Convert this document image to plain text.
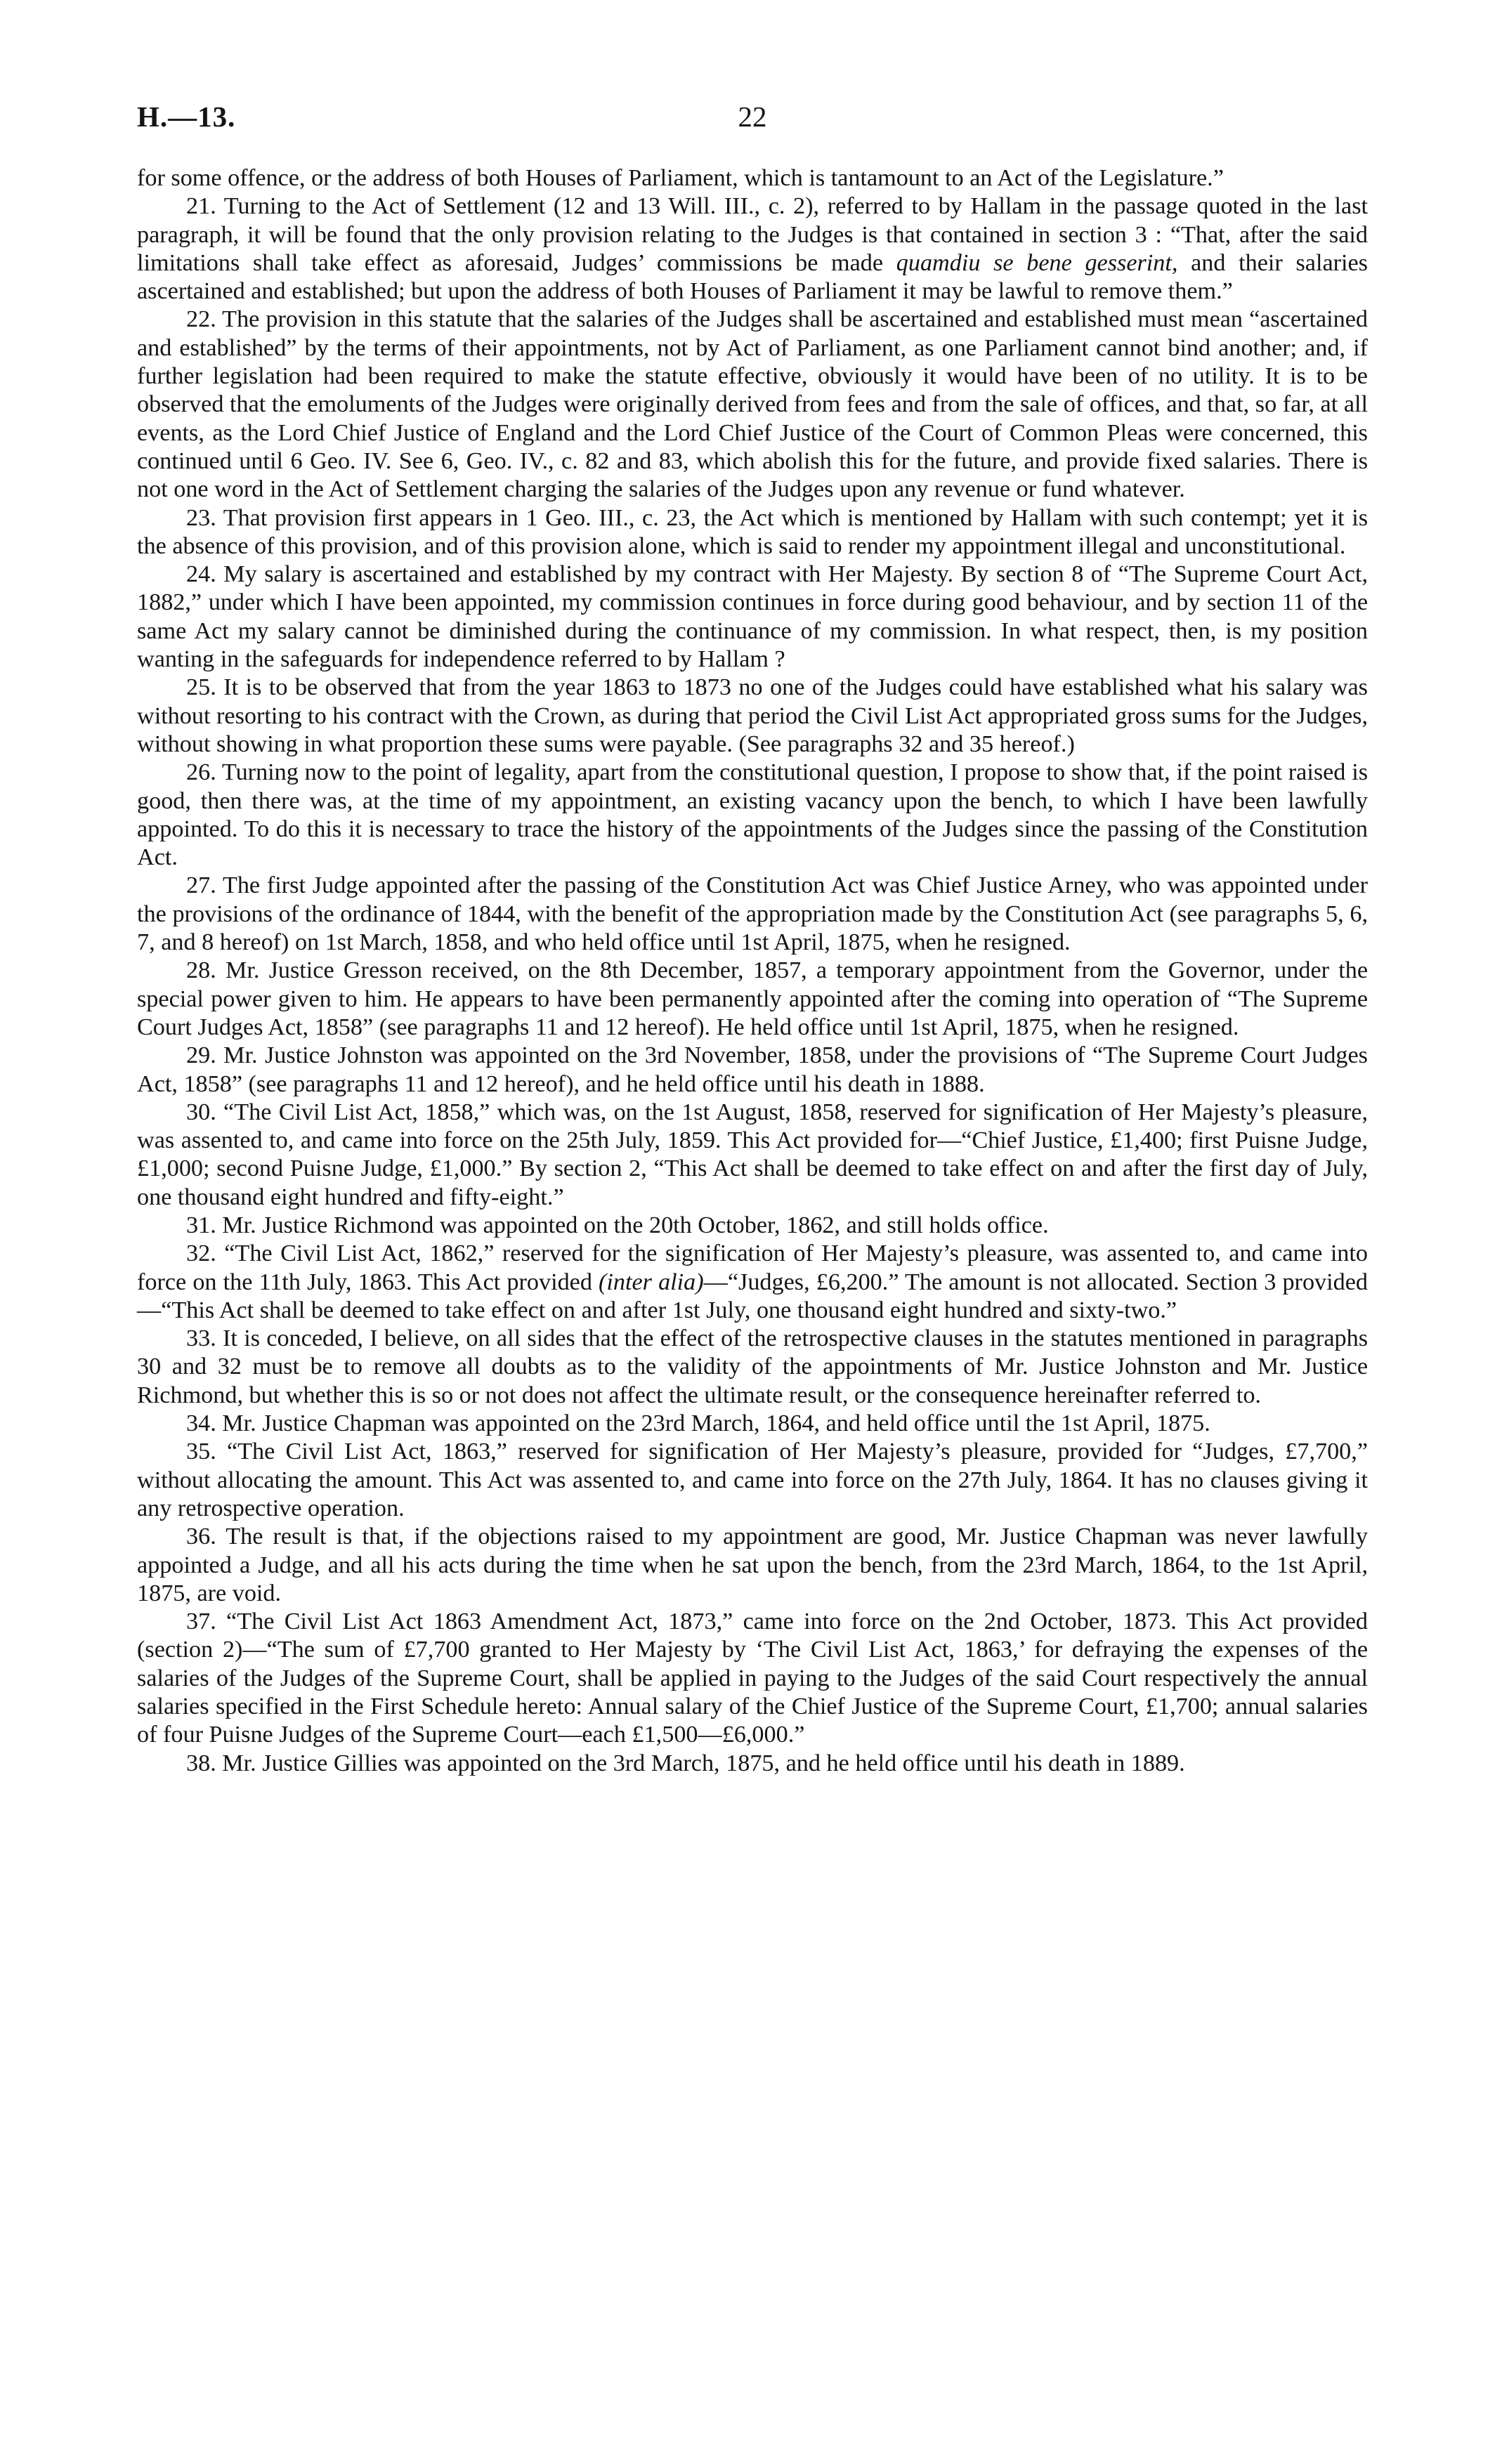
H.—13.	22

for some offence, or the address of both Houses of Parliament, which is tantamount to an Act of the Legislature.”

21. Turning to the Act of Settlement (12 and 13 Will. III., c. 2), referred to by Hallam in the passage quoted in the last paragraph, it will be found that the only provision relating to the Judges is that contained in section 3 : “That, after the said limitations shall take effect as aforesaid, Judges’ commissions be made quamdiu se bene gesserint, and their salaries ascertained and established; but upon the address of both Houses of Parliament it may be lawful to remove them.”

22. The provision in this statute that the salaries of the Judges shall be ascertained and established must mean “ascertained and established” by the terms of their appointments, not by Act of Parliament, as one Parliament cannot bind another; and, if further legislation had been required to make the statute effective, obviously it would have been of no utility. It is to be observed that the emoluments of the Judges were originally derived from fees and from the sale of offices, and that, so far, at all events, as the Lord Chief Justice of England and the Lord Chief Justice of the Court of Common Pleas were concerned, this continued until 6 Geo. IV. See 6, Geo. IV., c. 82 and 83, which abolish this for the future, and provide fixed salaries. There is not one word in the Act of Settlement charging the salaries of the Judges upon any revenue or fund whatever.

23. That provision first appears in 1 Geo. III., c. 23, the Act which is mentioned by Hallam with such contempt; yet it is the absence of this provision, and of this provision alone, which is said to render my appointment illegal and unconstitutional.

24. My salary is ascertained and established by my contract with Her Majesty. By section 8 of “The Supreme Court Act, 1882,” under which I have been appointed, my commission continues in force during good behaviour, and by section 11 of the same Act my salary cannot be diminished during the continuance of my commission. In what respect, then, is my position wanting in the safeguards for independence referred to by Hallam ?

25. It is to be observed that from the year 1863 to 1873 no one of the Judges could have established what his salary was without resorting to his contract with the Crown, as during that period the Civil List Act appropriated gross sums for the Judges, without showing in what proportion these sums were payable. (See paragraphs 32 and 35 hereof.)

26. Turning now to the point of legality, apart from the constitutional question, I propose to show that, if the point raised is good, then there was, at the time of my appointment, an existing vacancy upon the bench, to which I have been lawfully appointed. To do this it is necessary to trace the history of the appointments of the Judges since the passing of the Constitution Act.

27. The first Judge appointed after the passing of the Constitution Act was Chief Justice Arney, who was appointed under the provisions of the ordinance of 1844, with the benefit of the appropriation made by the Constitution Act (see paragraphs 5, 6, 7, and 8 hereof) on 1st March, 1858, and who held office until 1st April, 1875, when he resigned.

28. Mr. Justice Gresson received, on the 8th December, 1857, a temporary appointment from the Governor, under the special power given to him. He appears to have been permanently appointed after the coming into operation of “The Supreme Court Judges Act, 1858” (see paragraphs 11 and 12 hereof). He held office until 1st April, 1875, when he resigned.

29. Mr. Justice Johnston was appointed on the 3rd November, 1858, under the provisions of “The Supreme Court Judges Act, 1858” (see paragraphs 11 and 12 hereof), and he held office until his death in 1888.

30. “The Civil List Act, 1858,” which was, on the 1st August, 1858, reserved for signification of Her Majesty’s pleasure, was assented to, and came into force on the 25th July, 1859. This Act provided for—“Chief Justice, £1,400; first Puisne Judge, £1,000; second Puisne Judge, £1,000.” By section 2, “This Act shall be deemed to take effect on and after the first day of July, one thousand eight hundred and fifty-eight.”

31. Mr. Justice Richmond was appointed on the 20th October, 1862, and still holds office.

32. “The Civil List Act, 1862,” reserved for the signification of Her Majesty’s pleasure, was assented to, and came into force on the 11th July, 1863. This Act provided (inter alia)—“Judges, £6,200.” The amount is not allocated. Section 3 provided—“This Act shall be deemed to take effect on and after 1st July, one thousand eight hundred and sixty-two.”

33. It is conceded, I believe, on all sides that the effect of the retrospective clauses in the statutes mentioned in paragraphs 30 and 32 must be to remove all doubts as to the validity of the appointments of Mr. Justice Johnston and Mr. Justice Richmond, but whether this is so or not does not affect the ultimate result, or the consequence hereinafter referred to.

34. Mr. Justice Chapman was appointed on the 23rd March, 1864, and held office until the 1st April, 1875.

35. “The Civil List Act, 1863,” reserved for signification of Her Majesty’s pleasure, provided for “Judges, £7,700,” without allocating the amount. This Act was assented to, and came into force on the 27th July, 1864. It has no clauses giving it any retrospective operation.

36. The result is that, if the objections raised to my appointment are good, Mr. Justice Chapman was never lawfully appointed a Judge, and all his acts during the time when he sat upon the bench, from the 23rd March, 1864, to the 1st April, 1875, are void.

37. “The Civil List Act 1863 Amendment Act, 1873,” came into force on the 2nd October, 1873. This Act provided (section 2)—“The sum of £7,700 granted to Her Majesty by ‘The Civil List Act, 1863,’ for defraying the expenses of the salaries of the Judges of the Supreme Court, shall be applied in paying to the Judges of the said Court respectively the annual salaries specified in the First Schedule hereto: Annual salary of the Chief Justice of the Supreme Court, £1,700; annual salaries of four Puisne Judges of the Supreme Court—each £1,500—£6,000.”

38. Mr. Justice Gillies was appointed on the 3rd March, 1875, and he held office until his death in 1889.
